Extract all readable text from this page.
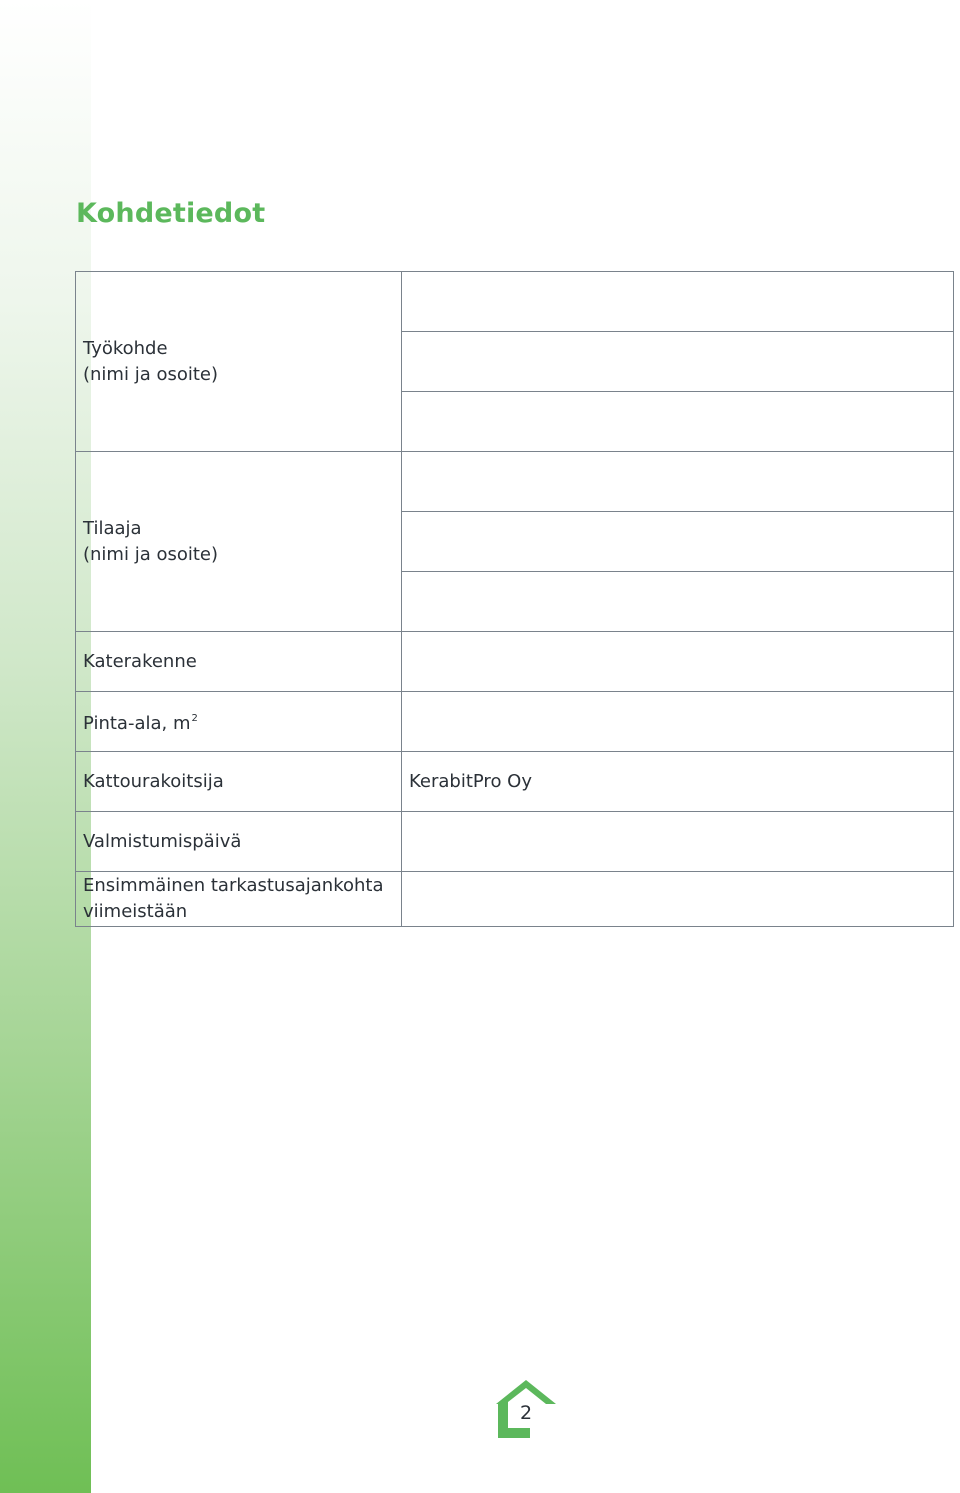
Kohdetiedot
Työkohde
(nimi ja osoite)	

Tilaaja
(nimi ja osoite)	

Katerakenne	
Pinta-ala, $m^2$	
Kattourakoitsija	KerabitPro Oy
Valmistumispäivä	

Ensimmäinen tarkastusajankohta
viimeistään	

2
